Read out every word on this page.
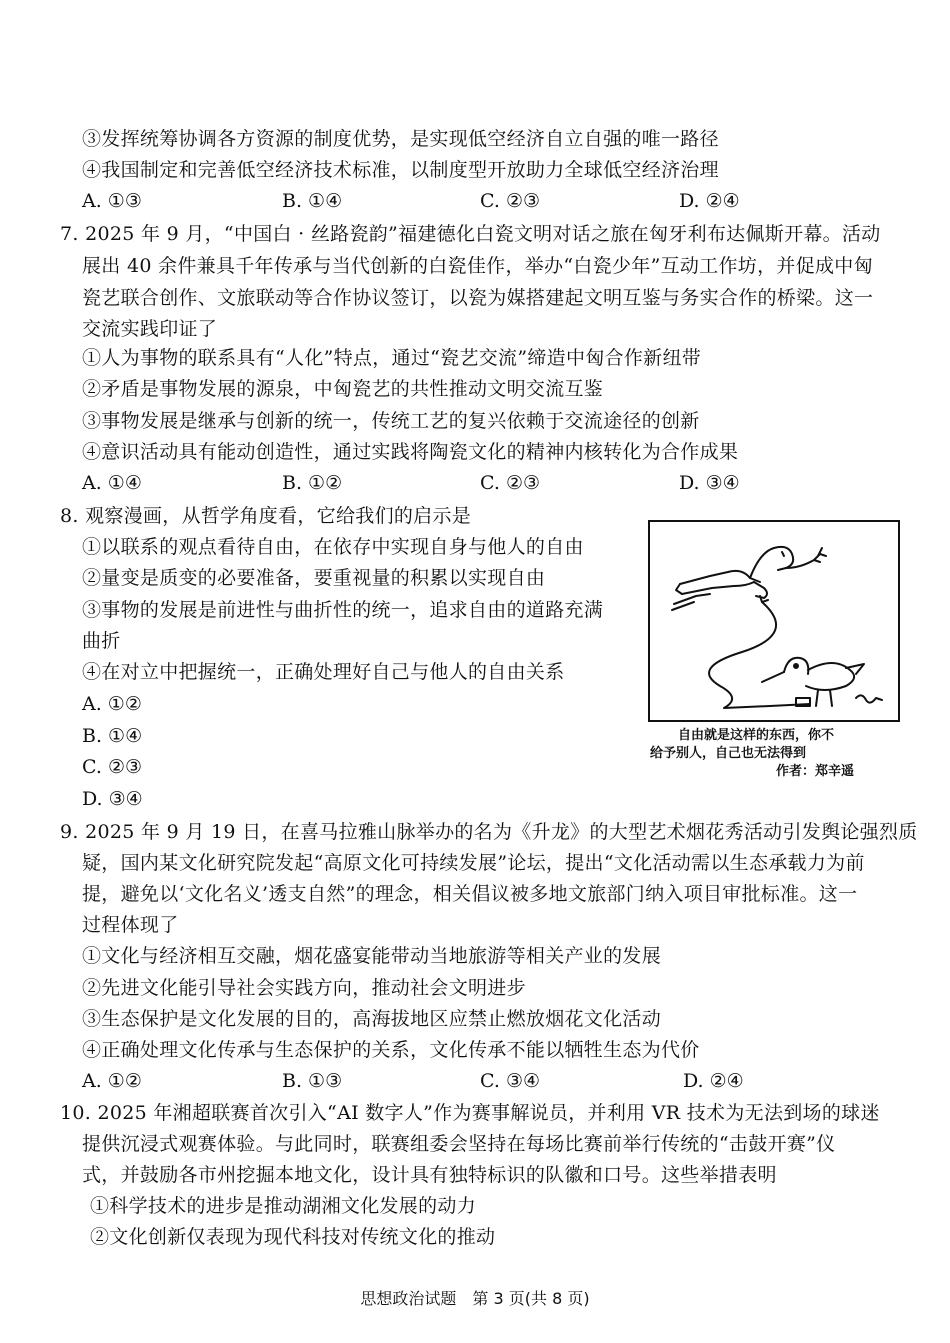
③发挥统筹协调各方资源的制度优势，是实现低空经济自立自强的唯一路径
④我国制定和完善低空经济技术标准，以制度型开放助力全球低空经济治理
A. ①③	B. ①④	C. ②③	D. ②④
7. 2025 年 9 月，“中国白 · 丝路瓷韵”福建德化白瓷文明对话之旅在匈牙利布达佩斯开幕。活动
展出 40 余件兼具千年传承与当代创新的白瓷佳作，举办“白瓷少年”互动工作坊，并促成中匈
瓷艺联合创作、文旅联动等合作协议签订，以瓷为媒搭建起文明互鉴与务实合作的桥梁。这一
交流实践印证了
①人为事物的联系具有“人化”特点，通过“瓷艺交流”缔造中匈合作新纽带
②矛盾是事物发展的源泉，中匈瓷艺的共性推动文明交流互鉴
③事物发展是继承与创新的统一，传统工艺的复兴依赖于交流途径的创新
④意识活动具有能动创造性，通过实践将陶瓷文化的精神内核转化为合作成果
A. ①④	B. ①②	C. ②③	D. ③④
8. 观察漫画，从哲学角度看，它给我们的启示是
①以联系的观点看待自由，在依存中实现自身与他人的自由
②量变是质变的必要准备，要重视量的积累以实现自由
③事物的发展是前进性与曲折性的统一，追求自由的道路充满
曲折
④在对立中把握统一，正确处理好自己与他人的自由关系
A. ①②
B. ①④
C. ②③
D. ③④
自由就是这样的东西，你不
给予别人，自己也无法得到
作者：郑辛遥
9. 2025 年 9 月 19 日，在喜马拉雅山脉举办的名为《升龙》的大型艺术烟花秀活动引发舆论强烈质
疑，国内某文化研究院发起“高原文化可持续发展”论坛，提出“文化活动需以生态承载力为前
提，避免以‘文化名义’透支自然”的理念，相关倡议被多地文旅部门纳入项目审批标准。这一
过程体现了
①文化与经济相互交融，烟花盛宴能带动当地旅游等相关产业的发展
②先进文化能引导社会实践方向，推动社会文明进步
③生态保护是文化发展的目的，高海拔地区应禁止燃放烟花文化活动
④正确处理文化传承与生态保护的关系，文化传承不能以牺牲生态为代价
A. ①②	B. ①③	C. ③④	D. ②④
10. 2025 年湘超联赛首次引入“AI 数字人”作为赛事解说员，并利用 VR 技术为无法到场的球迷
提供沉浸式观赛体验。与此同时，联赛组委会坚持在每场比赛前举行传统的“击鼓开赛”仪
式，并鼓励各市州挖掘本地文化，设计具有独特标识的队徽和口号。这些举措表明
①科学技术的进步是推动湖湘文化发展的动力
②文化创新仅表现为现代科技对传统文化的推动
思想政治试题　第 3 页(共 8 页)
